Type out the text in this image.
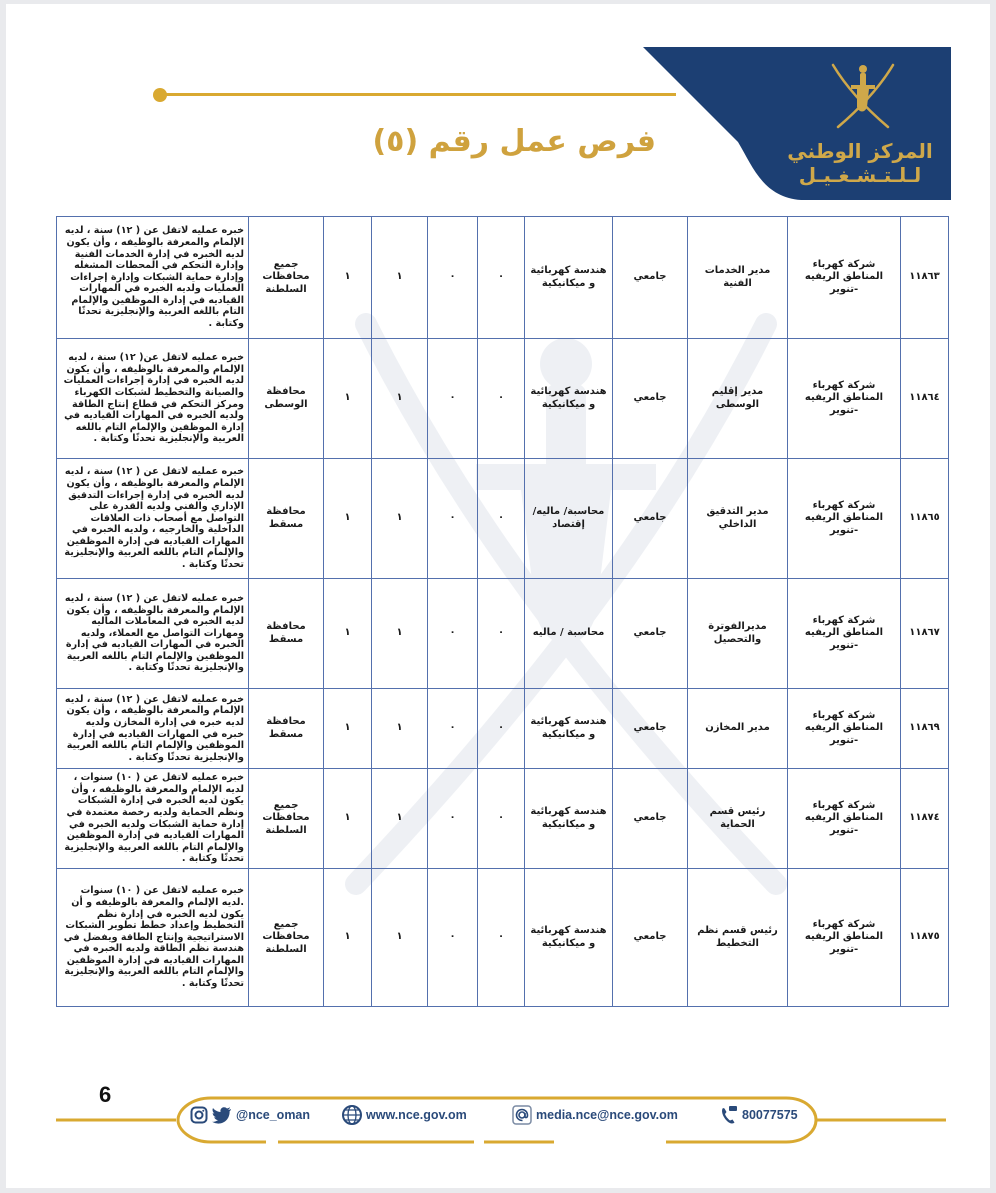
المركز الوطني
لـلـتـشـغـيـل
فرص عمل رقم (٥)
١١٨٦٣	شركة كهرباء المناطق الريفيه -تنوير	مدير الخدمات الفنية	جامعي	هندسة كهربائية و ميكانيكية	٠	٠	١	١	جميع محافظات السلطنة	خبره عمليه لاتقل عن ( ١٢) سنة ، لديه الإلمام والمعرفة بالوظيفه ، وأن يكون لديه الخبره في إدارة الخدمات الفنية وإدارة التحكم في المحطات المشغله وإدارة حماية الشبكات وإدارة إجراءات العمليات ولديه الخبره في المهارات القياديه في إدارة الموظفين والإلمام التام باللغه العربية والإنجليزية تحدثًا وكتابة .
١١٨٦٤	شركة كهرباء المناطق الريفيه -تنوير	مدير إقليم الوسطى	جامعي	هندسة كهربائية و ميكانيكية	٠	٠	١	١	محافظة الوسطى	خبره عمليه لاتقل عن( ١٢) سنة ، لديه الإلمام والمعرفة بالوظيفه ، وأن يكون لديه الخبره في إدارة إجراءات العمليات والصيانة والتخطيط لشبكات الكهرباء ومركز التحكم في قطاع إنتاج الطاقة ولديه الخبره في المهارات القياديه في إدارة الموظفين والإلمام التام باللغه العربية والإنجليزية تحدثًا وكتابة .
١١٨٦٥	شركة كهرباء المناطق الريفيه -تنوير	مدير التدقيق الداخلي	جامعي	محاسبة/ ماليه/ إقتصاد	٠	٠	١	١	محافظة مسقط	خبره عمليه لاتقل عن ( ١٢) سنة ، لديه الإلمام والمعرفة بالوظيفه ، وأن يكون لديه الخبره في إدارة إجراءات التدقيق الإداري والفني ولديه القدرة على التواصل مع أصحاب ذات العلاقات الداخلية والخارجيه ، ولديه الخبره في المهارات القياديه في إدارة الموظفين والإلمام التام باللغه العربية والإنجليزية تحدثًا وكتابة .
١١٨٦٧	شركة كهرباء المناطق الريفيه -تنوير	مديرالفوترة والتحصيل	جامعي	محاسبة / ماليه	٠	٠	١	١	محافظة مسقط	خبره عمليه لاتقل عن ( ١٢) سنة ، لديه الإلمام والمعرفة بالوظيفه ، وأن يكون لديه الخبره في المعاملات الماليه ومهارات التواصل مع العملاء، ولديه الخبره في المهارات القياديه في إدارة الموظفين والإلمام التام باللغه العربية والإنجليزية تحدثًا وكتابة .
١١٨٦٩	شركة كهرباء المناطق الريفيه -تنوير	مدير المخازن	جامعي	هندسة كهربائية و ميكانيكية	٠	٠	١	١	محافظة مسقط	خبره عمليه لاتقل عن ( ١٢) سنة ، لديه الإلمام والمعرفة بالوظيفه ، وأن يكون لديه خبره في إدارة المخازن ولديه خبره في المهارات القياديه في إدارة الموظفين والإلمام التام باللغه العربية والإنجليزية تحدثًا وكتابة .
١١٨٧٤	شركة كهرباء المناطق الريفيه -تنوير	رئيس قسم الحماية	جامعي	هندسة كهربائية و ميكانيكية	٠	٠	١	١	جميع محافظات السلطنة	خبره عمليه لاتقل عن ( ١٠) سنوات ، لديه الإلمام والمعرفة بالوظيفه ، وأن يكون لديه الخبره في إدارة الشبكات ونظم الحماية ولديه رخصة معتمدة في إدارة حماية الشبكات ولديه الخبره في المهارات القياديه في إدارة الموظفين والإلمام التام باللغه العربية والإنجليزية تحدثًا وكتابة .
١١٨٧٥	شركة كهرباء المناطق الريفيه -تنوير	رئيس قسم نظم التخطيط	جامعي	هندسة كهربائية و ميكانيكية	٠	٠	١	١	جميع محافظات السلطنة	خبره عمليه لاتقل عن ( ١٠) سنوات .لديه الإلمام والمعرفة بالوظيفه و أن يكون لديه الخبره في إدارة نظم التخطيط وإعداد خطط تطوير الشبكات الاستراتيجية وإنتاج الطاقة ويفضل في هندسة نظم الطاقة ولديه الخبره في المهارات القياديه في إدارة الموظفين والإلمام التام باللغه العربية والإنجليزية تحدثًا وكتابة .
6
@nce_oman	www.nce.gov.om	media.nce@nce.gov.om	80077575
